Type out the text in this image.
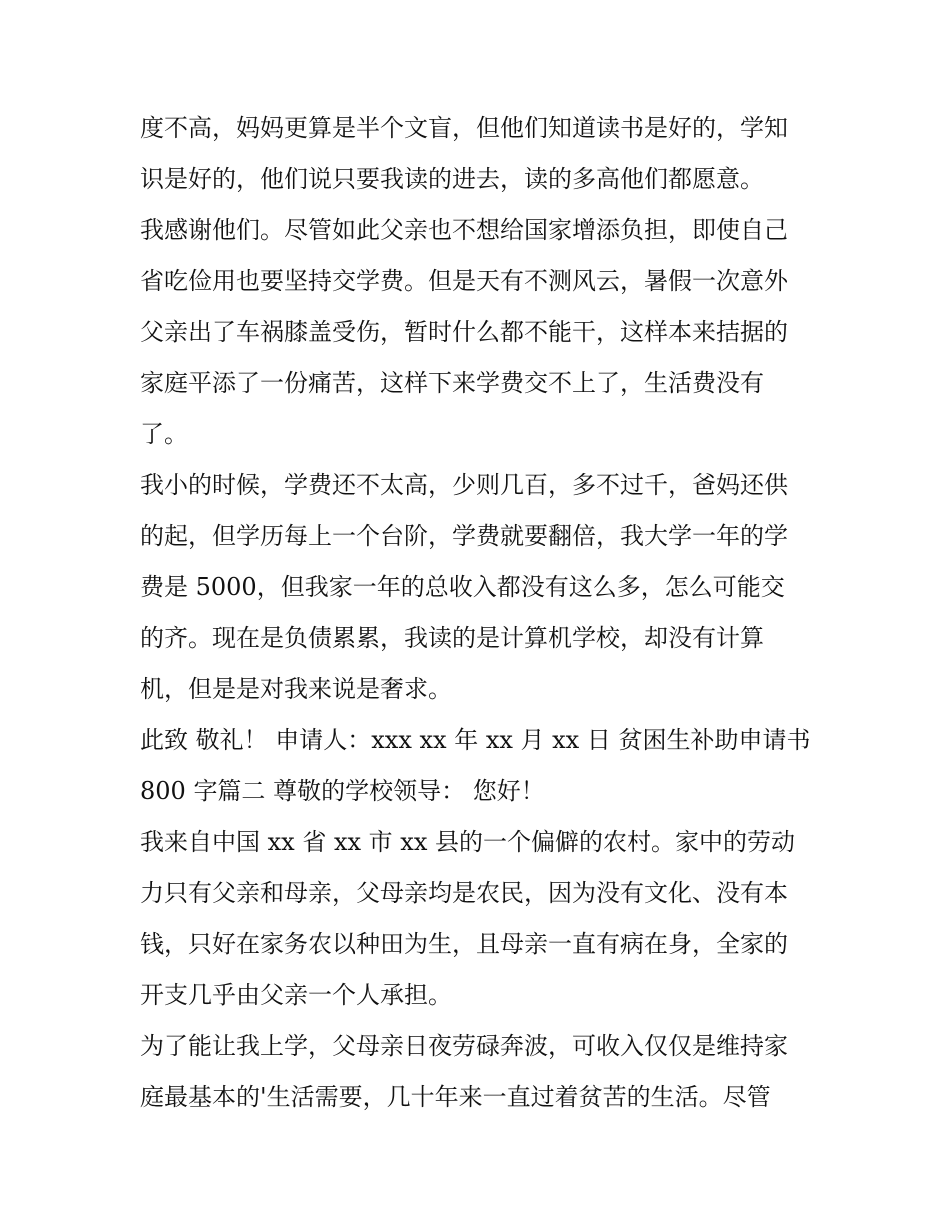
度不高，妈妈更算是半个文盲，但他们知道读书是好的，学知
识是好的，他们说只要我读的进去，读的多高他们都愿意。
我感谢他们。尽管如此父亲也不想给国家增添负担，即使自己
省吃俭用也要坚持交学费。但是天有不测风云，暑假一次意外
父亲出了车祸膝盖受伤，暂时什么都不能干，这样本来拮据的
家庭平添了一份痛苦，这样下来学费交不上了，生活费没有
了。
我小的时候，学费还不太高，少则几百，多不过千，爸妈还供
的起，但学历每上一个台阶，学费就要翻倍，我大学一年的学
费是 5000，但我家一年的总收入都没有这么多，怎么可能交
的齐。现在是负债累累，我读的是计算机学校，却没有计算
机，但是是对我来说是奢求。
此致 敬礼！ 申请人：xxx xx 年 xx 月 xx 日 贫困生补助申请书
800 字篇二 尊敬的学校领导： 您好！
我来自中国 xx 省 xx 市 xx 县的一个偏僻的农村。家中的劳动
力只有父亲和母亲，父母亲均是农民，因为没有文化、没有本
钱，只好在家务农以种田为生，且母亲一直有病在身，全家的
开支几乎由父亲一个人承担。
为了能让我上学，父母亲日夜劳碌奔波，可收入仅仅是维持家
庭最基本的'生活需要，几十年来一直过着贫苦的生活。尽管
